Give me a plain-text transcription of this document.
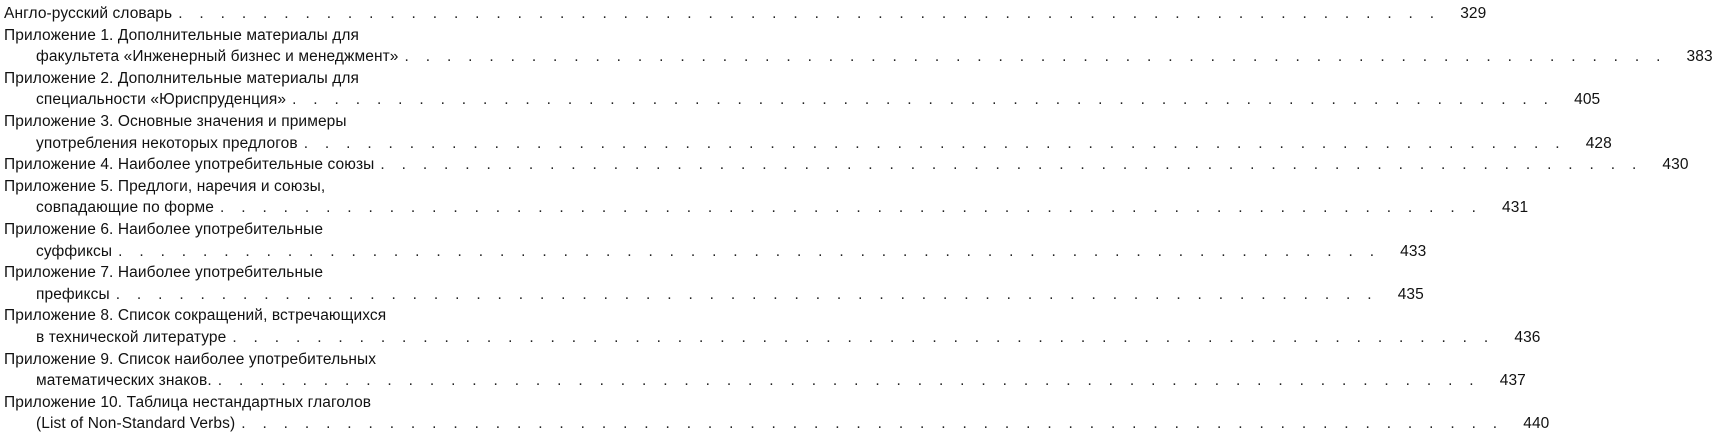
Англо-русский словарь . . . . . . . . . . . . . . . . . . . . . . . . . . . . . . . . . . . . . . . . . . . . . . . . . . . . . . . . . . . .	329
Приложение 1. Дополнительные материалы для
факультета «Инженерный бизнес и менеджмент» . . . . . . . . . . . . . . . . . . . . . . . . . . . . . . . . . . . . . . . . . . . . . . . . . . . . . . . . . . . .	383
Приложение 2. Дополнительные материалы для
специальности «Юриспруденция» . . . . . . . . . . . . . . . . . . . . . . . . . . . . . . . . . . . . . . . . . . . . . . . . . . . . . . . . . . . .	405
Приложение 3. Основные значения и примеры
употребления некоторых предлогов . . . . . . . . . . . . . . . . . . . . . . . . . . . . . . . . . . . . . . . . . . . . . . . . . . . . . . . . . . . .	428
Приложение 4. Наиболее употребительные союзы . . . . . . . . . . . . . . . . . . . . . . . . . . . . . . . . . . . . . . . . . . . . . . . . . . . . . . . . . . . .	430
Приложение 5. Предлоги, наречия и союзы,
совпадающие по форме . . . . . . . . . . . . . . . . . . . . . . . . . . . . . . . . . . . . . . . . . . . . . . . . . . . . . . . . . . . .	431
Приложение 6. Наиболее употребительные
суффиксы . . . . . . . . . . . . . . . . . . . . . . . . . . . . . . . . . . . . . . . . . . . . . . . . . . . . . . . . . . . .	433
Приложение 7. Наиболее употребительные
префиксы . . . . . . . . . . . . . . . . . . . . . . . . . . . . . . . . . . . . . . . . . . . . . . . . . . . . . . . . . . . .	435
Приложение 8. Список сокращений, встречающихся
в технической литературе . . . . . . . . . . . . . . . . . . . . . . . . . . . . . . . . . . . . . . . . . . . . . . . . . . . . . . . . . . . .	436
Приложение 9. Список наиболее употребительных
математических знаков. . . . . . . . . . . . . . . . . . . . . . . . . . . . . . . . . . . . . . . . . . . . . . . . . . . . . . . . . . . . .	437
Приложение 10. Таблица нестандартных глаголов
(List of Non-Standard Verbs) . . . . . . . . . . . . . . . . . . . . . . . . . . . . . . . . . . . . . . . . . . . . . . . . . . . . . . . . . . . .	440
